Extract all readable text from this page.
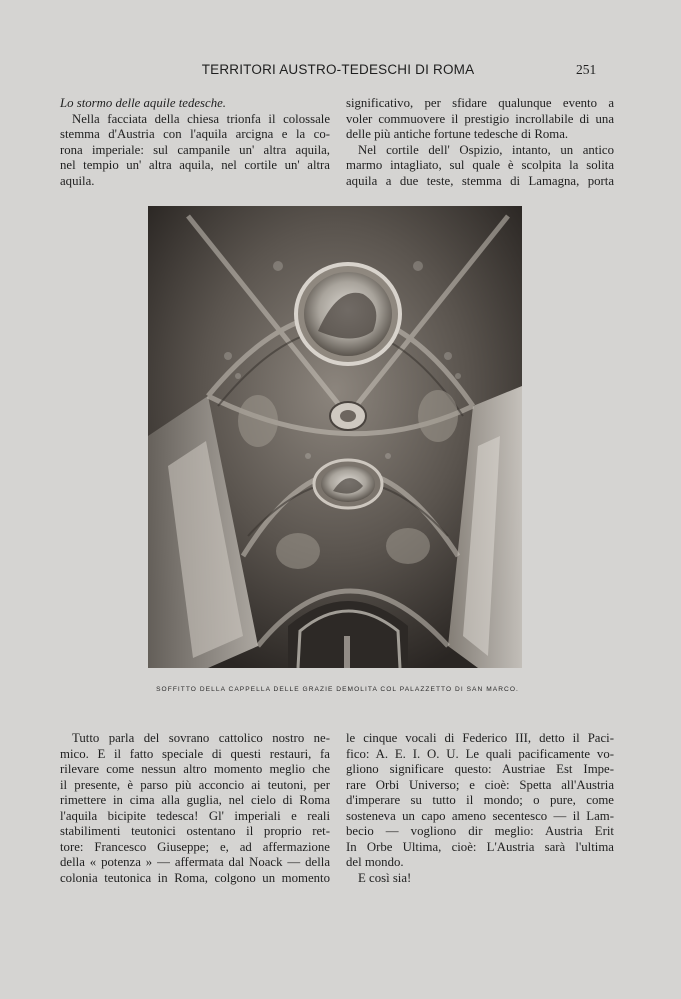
TERRITORI AUSTRO-TEDESCHI DI ROMA	251
Lo stormo delle aquile tedesche.
Nella facciata della chiesa trionfa il colossale
stemma d'Austria con l'aquila arcigna e la co-
rona imperiale: sul campanile un' altra aquila,
nel tempio un' altra aquila, nel cortile un' altra
aquila.
significativo, per sfidare qualunque evento a
voler commuovere il prestigio incrollabile di una
delle più antiche fortune tedesche di Roma.
Nel cortile dell' Ospizio, intanto, un antico
marmo intagliato, sul quale è scolpita la solita
aquila a due teste, stemma di Lamagna, porta
SOFFITTO DELLA CAPPELLA DELLE GRAZIE DEMOLITA COL PALAZZETTO DI SAN MARCO.
Tutto parla del sovrano cattolico nostro ne-
mico. E il fatto speciale di questi restauri, fa
rilevare come nessun altro momento meglio che
il presente, è parso più acconcio ai teutoni, per
rimettere in cima alla guglia, nel cielo di Roma
l'aquila bicipite tedesca! Gl' imperiali e reali
stabilimenti teutonici ostentano il proprio ret-
tore: Francesco Giuseppe; e, ad affermazione
della « potenza » — affermata dal Noack — della
colonia teutonica in Roma, colgono un momento
le cinque vocali di Federico III, detto il Paci-
fico: A. E. I. O. U. Le quali pacificamente vo-
gliono significare questo: Austriae Est Impe-
rare Orbi Universo; e cioè: Spetta all'Austria
d'imperare su tutto il mondo; o pure, come
sosteneva un capo ameno secentesco — il Lam-
becio — vogliono dir meglio: Austria Erit
In Orbe Ultima, cioè: L'Austria sarà l'ultima
del mondo.
E così sia!
